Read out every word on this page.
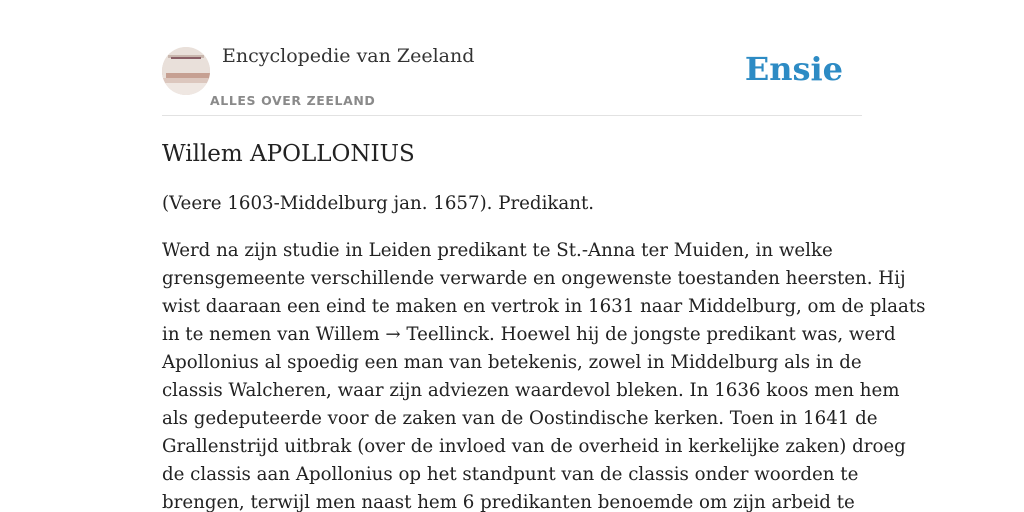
Encyclopedie van Zeeland
ALLES OVER ZEELAND
Ensie
Willem APOLLONIUS

(Veere 1603-Middelburg jan. 1657). Predikant.

Werd na zijn studie in Leiden predikant te St.-Anna ter Muiden, in welke
grensgemeente verschillende verwarde en ongewenste toestanden heersten. Hij
wist daaraan een eind te maken en vertrok in 1631 naar Middelburg, om de plaats
in te nemen van Willem → Teellinck. Hoewel hij de jongste predikant was, werd
Apollonius al spoedig een man van betekenis, zowel in Middelburg als in de
classis Walcheren, waar zijn adviezen waardevol bleken. In 1636 koos men hem
als gedeputeerde voor de zaken van de Oostindische kerken. Toen in 1641 de
Grallenstrijd uitbrak (over de invloed van de overheid in kerkelijke zaken) droeg
de classis aan Apollonius op het standpunt van de classis onder woorden te
brengen, terwijl men naast hem 6 predikanten benoemde om zijn arbeid te
